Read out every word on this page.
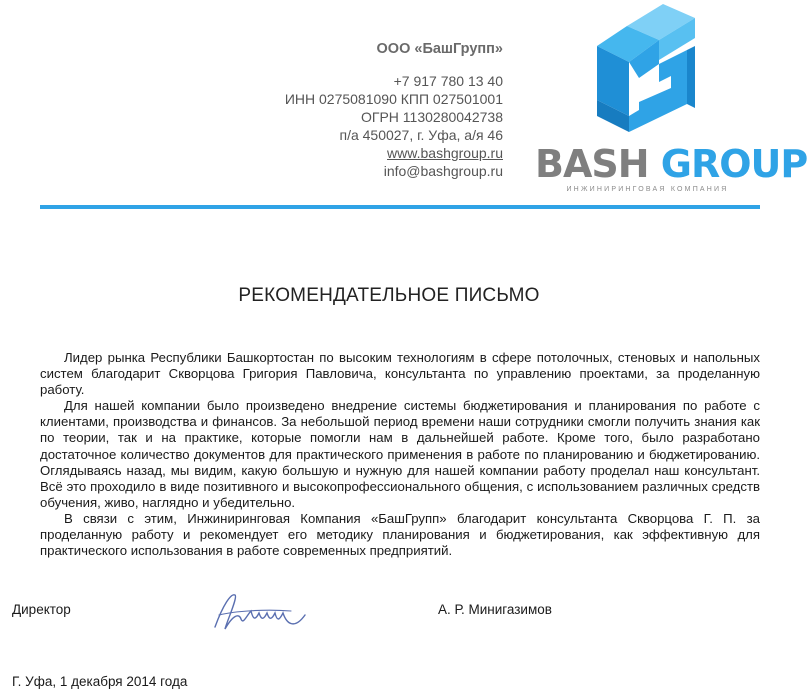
ООО «БашГрупп»
+7 917 780 13 40
ИНН 0275081090 КПП 027501001
ОГРН 1130280042738
п/а 450027, г. Уфа, а/я 46
www.bashgroup.ru
info@bashgroup.ru BASH GROUP
ИНЖИНИРИНГОВАЯ КОМПАНИЯ
РЕКОМЕНДАТЕЛЬНОЕ ПИСЬМО

Лидер рынка Республики Башкортостан по высоким технологиям в сфере потолочных, стеновых и напольных систем благодарит Скворцова Григория Павловича, консультанта по управлению проектами, за проделанную работу.

Для нашей компании было произведено внедрение системы бюджетирования и планирования по работе с клиентами, производства и финансов. За небольшой период времени наши сотрудники смогли получить знания как по теории, так и на практике, которые помогли нам в дальнейшей работе. Кроме того, было разработано достаточное количество документов для практического применения в работе по планированию и бюджетированию. Оглядываясь назад, мы видим, какую большую и нужную для нашей компании работу проделал наш консультант. Всё это проходило в виде позитивного и высокопрофессионального общения, с использованием различных средств обучения, живо, наглядно и убедительно.

В связи с этим, Инжиниринговая Компания «БашГрупп» благодарит консультанта Скворцова Г. П. за проделанную работу и рекомендует его методику планирования и бюджетирования, как эффективную для практического использования в работе современных предприятий.

Директор	А. Р. Минигазимов
Г. Уфа, 1 декабря 2014 года
